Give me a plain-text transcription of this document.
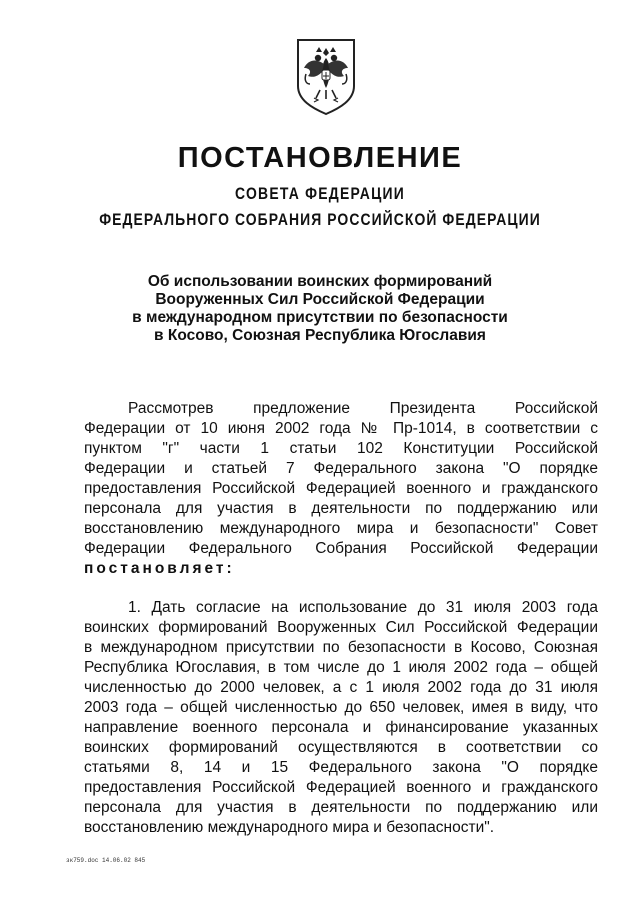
ПОСТАНОВЛЕНИЕ
СОВЕТА ФЕДЕРАЦИИ
ФЕДЕРАЛЬНОГО СОБРАНИЯ РОССИЙСКОЙ ФЕДЕРАЦИИ
Об использовании воинских формирований
Вооруженных Сил Российской Федерации
в международном присутствии по безопасности
в Косово, Союзная Республика Югославия
Рассмотрев предложение Президента Российской
Федерации от 10 июня 2002 года № Пр-1014, в соответствии с
пунктом "г" части 1 статьи 102 Конституции Российской
Федерации и статьей 7 Федерального закона "О порядке
предоставления Российской Федерацией военного и гражданского
персонала для участия в деятельности по поддержанию или
восстановлению международного мира и безопасности" Совет
Федерации Федерального Собрания Российской Федерации
постановляет:
1. Дать согласие на использование до 31 июля 2003 года
воинских формирований Вооруженных Сил Российской Федерации
в международном присутствии по безопасности в Косово, Союзная
Республика Югославия, в том числе до 1 июля 2002 года – общей
численностью до 2000 человек, а с 1 июля 2002 года до 31 июля
2003 года – общей численностью до 650 человек, имея в виду, что
направление военного персонала и финансирование указанных
воинских формирований осуществляются в соответствии со
статьями 8, 14 и 15 Федерального закона "О порядке
предоставления Российской Федерацией военного и гражданского
персонала для участия в деятельности по поддержанию или
восстановлению международного мира и безопасности".
зк759.doc 14.06.02 845
